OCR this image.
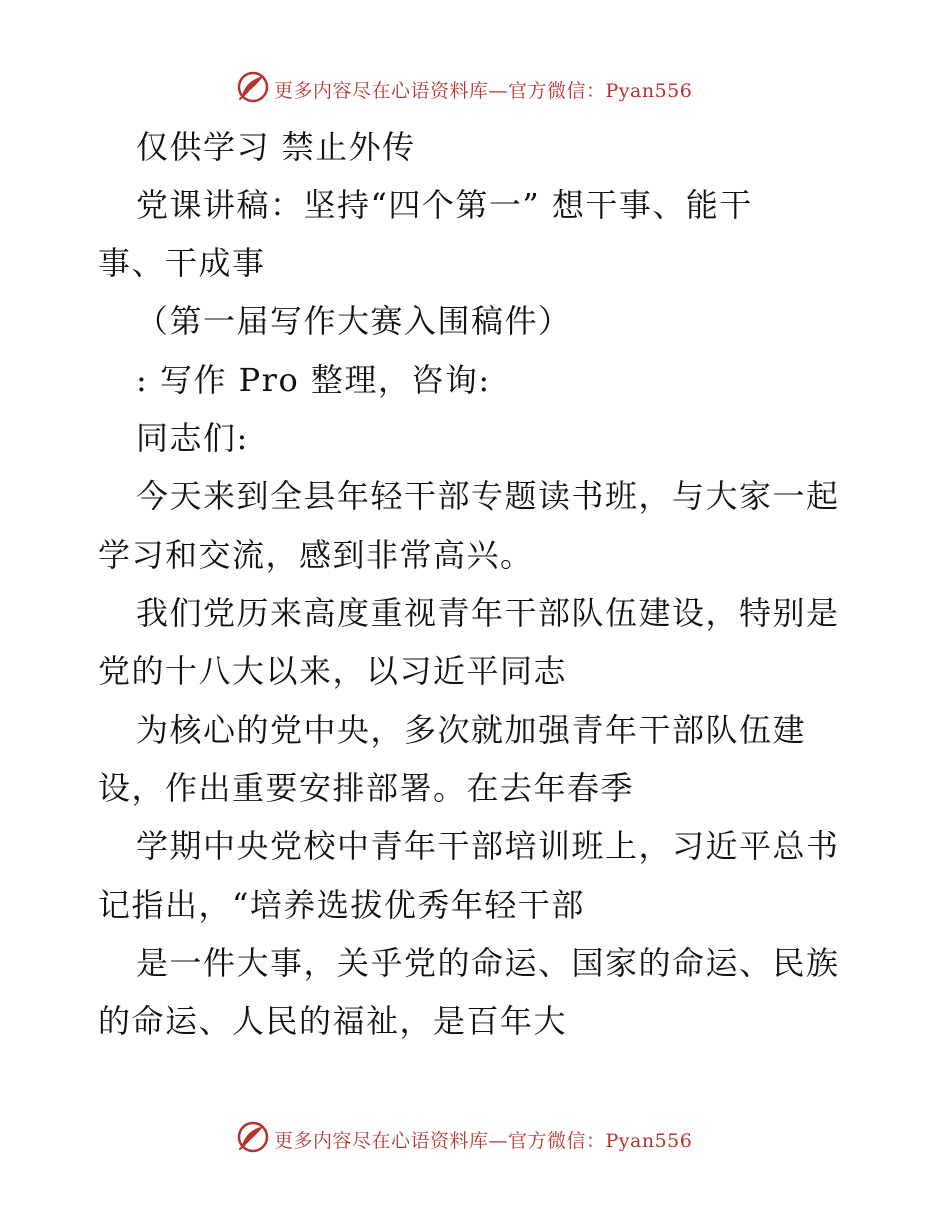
更多内容尽在心语资料库—官方微信：Pyan556
仅供学习 禁止外传
党课讲稿：坚持“四个第一” 想干事、能干
事、干成事
（第一届写作大赛入围稿件）
: 写作 Pro 整理，咨询:
同志们:
今天来到全县年轻干部专题读书班，与大家一起
学习和交流，感到非常高兴。
我们党历来高度重视青年干部队伍建设，特别是
党的十八大以来，以习近平同志
为核心的党中央，多次就加强青年干部队伍建
设，作出重要安排部署。在去年春季
学期中央党校中青年干部培训班上，习近平总书
记指出，“培养选拔优秀年轻干部
是一件大事，关乎党的命运、国家的命运、民族
的命运、人民的福祉，是百年大
更多内容尽在心语资料库—官方微信：Pyan556
